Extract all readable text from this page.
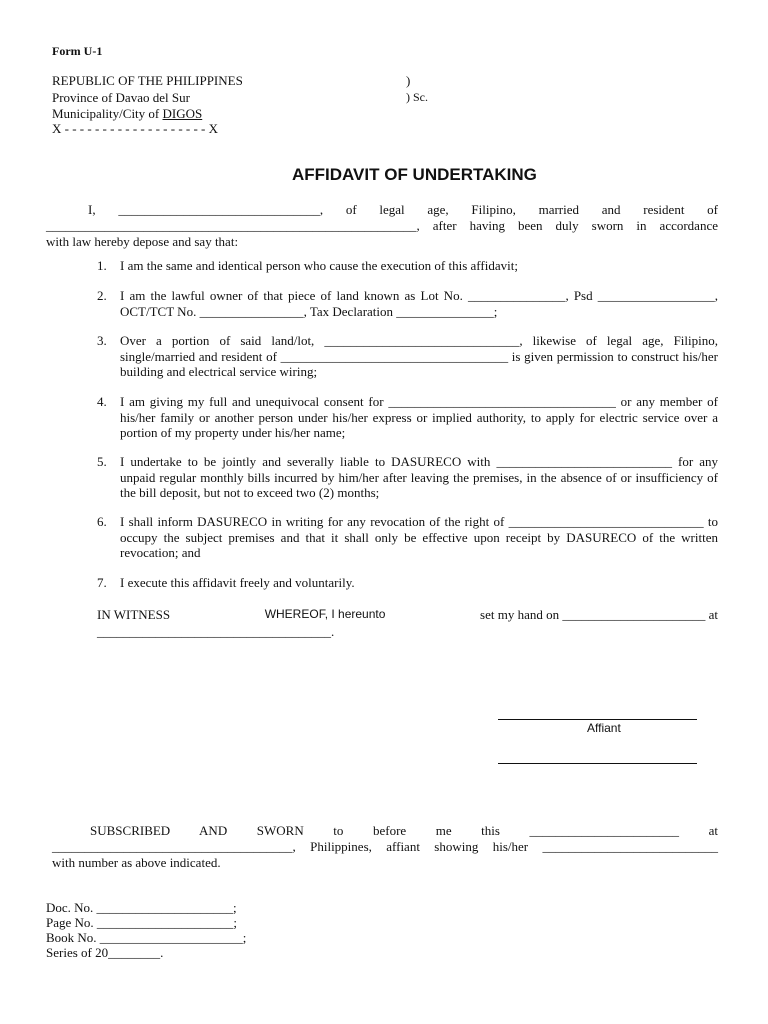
Form U-1
REPUBLIC OF THE PHILIPPINES	)
Province of Davao del Sur	) Sc.
Municipality/City of DIGOS
X - - - - - - - - - - - - - - - - - - - X
AFFIDAVIT OF UNDERTAKING
I, _______________________________, of legal age, Filipino, married and resident of
_________________________________________________________, after having been duly sworn in accordance
with law hereby depose and say that:
1. I am the same and identical person who cause the execution of this affidavit;
2. I am the lawful owner of that piece of land known as Lot No. _______________, Psd __________________, OCT/TCT No. ________________, Tax Declaration _______________;
3. Over a portion of said land/lot, ______________________________, likewise of legal age, Filipino, single/married and resident of ___________________________________ is given permission to construct his/her building and electrical service wiring;
4. I am giving my full and unequivocal consent for ___________________________________ or any member of his/her family or another person under his/her express or implied authority, to apply for electric service over a portion of my property under his/her name;
5. I undertake to be jointly and severally liable to DASURECO with ___________________________ for any unpaid regular monthly bills incurred by him/her after leaving the premises, in the absence of or insufficiency of the bill deposit, but not to exceed two (2) months;
6. I shall inform DASURECO in writing for any revocation of the right of ______________________________ to occupy the subject premises and that it shall only be effective upon receipt by DASURECO of the written revocation; and
7. I execute this affidavit freely and voluntarily.
IN WITNESS	WHEREOF, I hereunto	set my hand on ______________________ at
____________________________________.
Affiant
SUBSCRIBED AND SWORN to before me this _______________________ at
_____________________________________, Philippines, affiant showing his/her ___________________________
with number as above indicated.
Doc. No. _____________________;
Page No. _____________________;
Book No. ______________________;
Series of 20________.
